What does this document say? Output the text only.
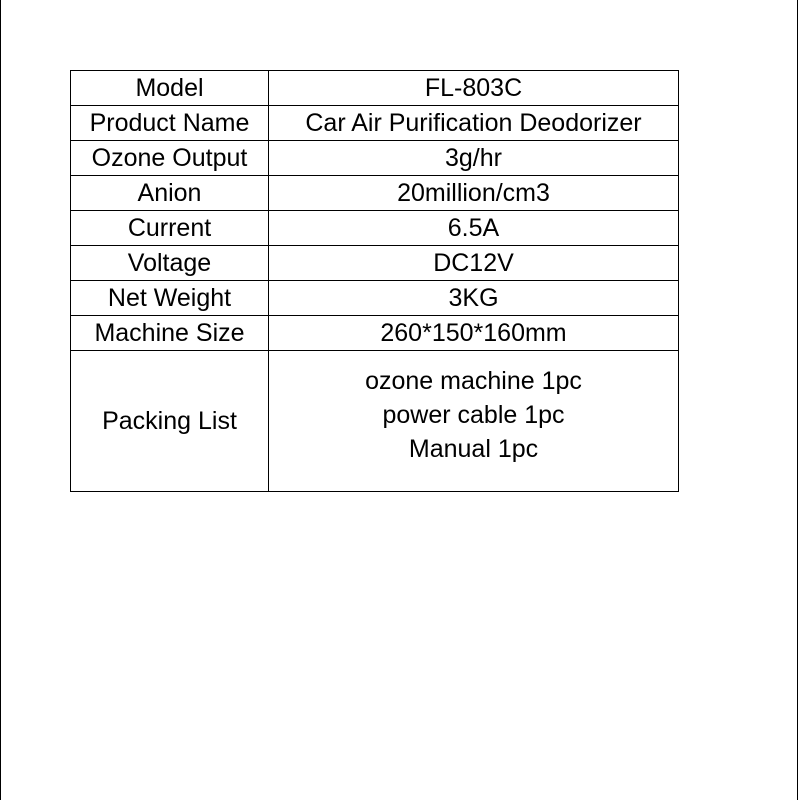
Model	FL-803C
Product Name	Car Air Purification Deodorizer
Ozone Output	3g/hr
Anion	20million/cm3
Current	6.5A
Voltage	DC12V
Net Weight	3KG
Machine Size	260*150*160mm
Packing List	ozone machine 1pc
power cable 1pc
Manual 1pc
